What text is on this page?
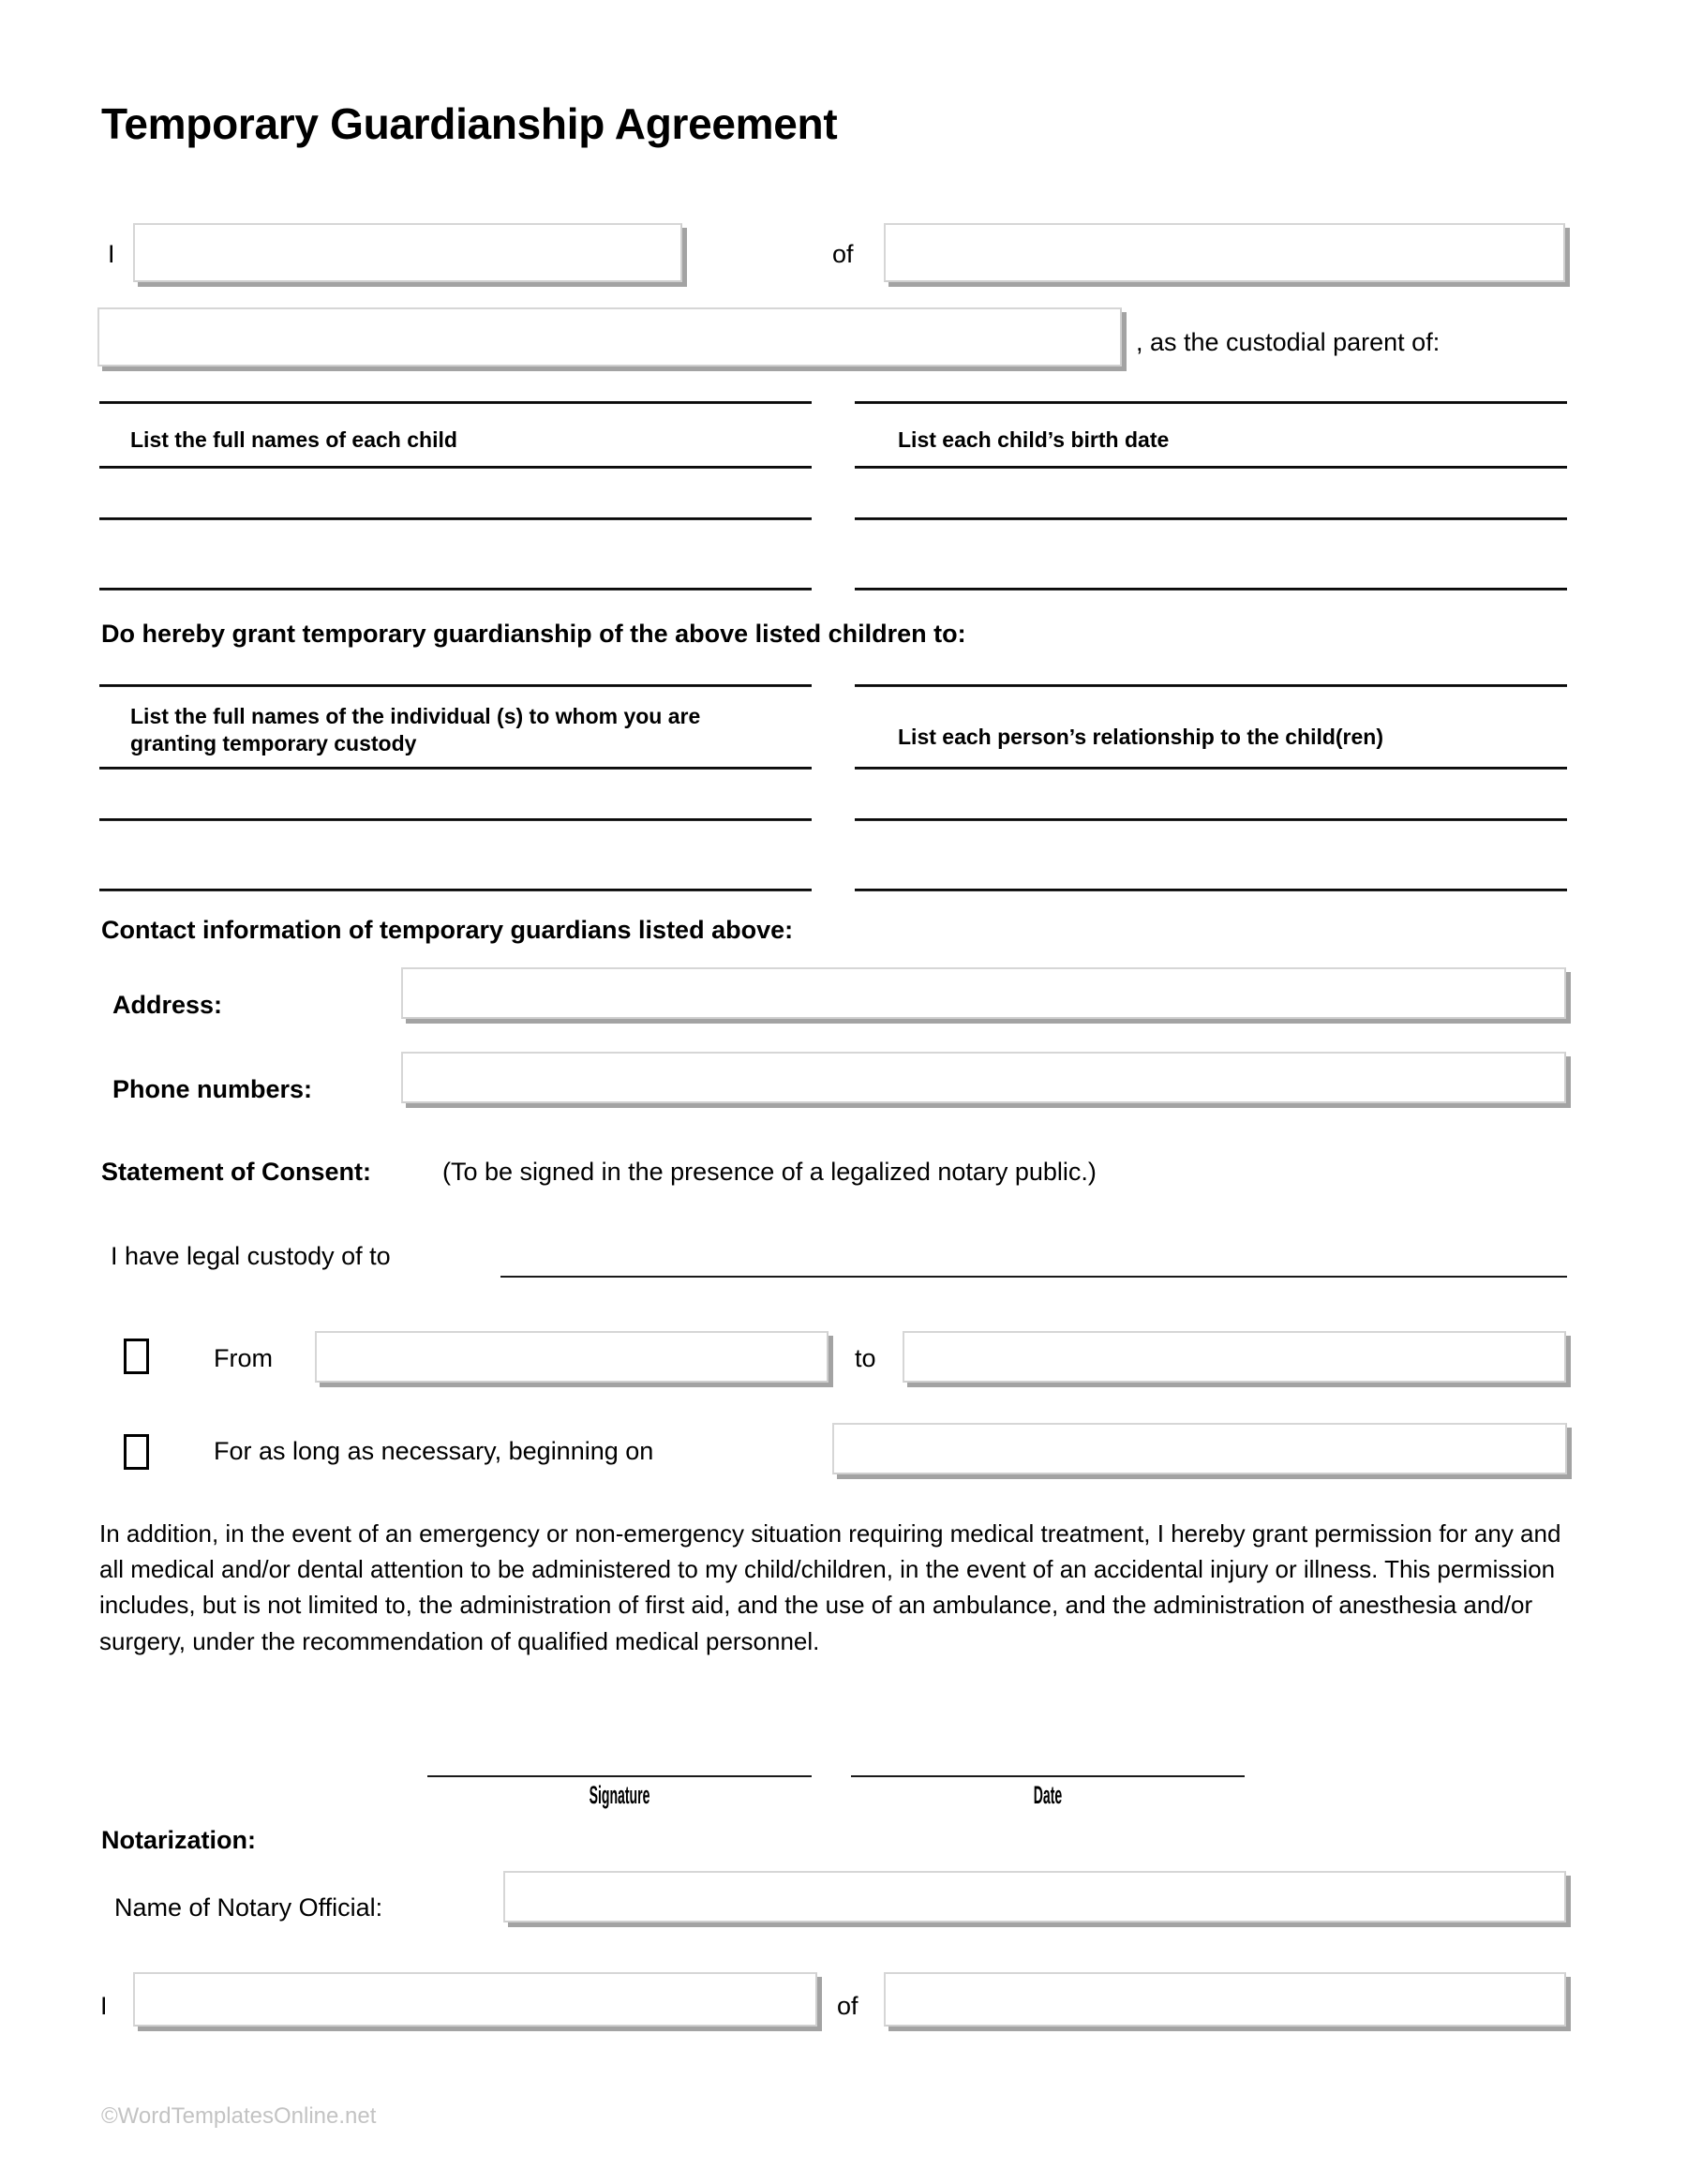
Temporary Guardianship Agreement
I	of
, as the custodial parent of:
List the full names of each child	List each child’s birth date
Do hereby grant temporary guardianship of the above listed children to:
List the full names of the individual (s) to whom you are granting temporary custody	List each person’s relationship to the child(ren)
Contact information of temporary guardians listed above:
Address:
Phone numbers:
Statement of Consent:	(To be signed in the presence of a legalized notary public.)
I have legal custody of to
From	to
For as long as necessary, beginning on
In addition, in the event of an emergency or non-emergency situation requiring medical treatment, I hereby grant permission for any and all medical and/or dental attention to be administered to my child/children, in the event of an accidental injury or illness. This permission includes, but is not limited to, the administration of first aid, and the use of an ambulance, and the administration of anesthesia and/or surgery, under the recommendation of qualified medical personnel.
Signature	Date
Notarization:
Name of Notary Official:
I	of
©WordTemplatesOnline.net
